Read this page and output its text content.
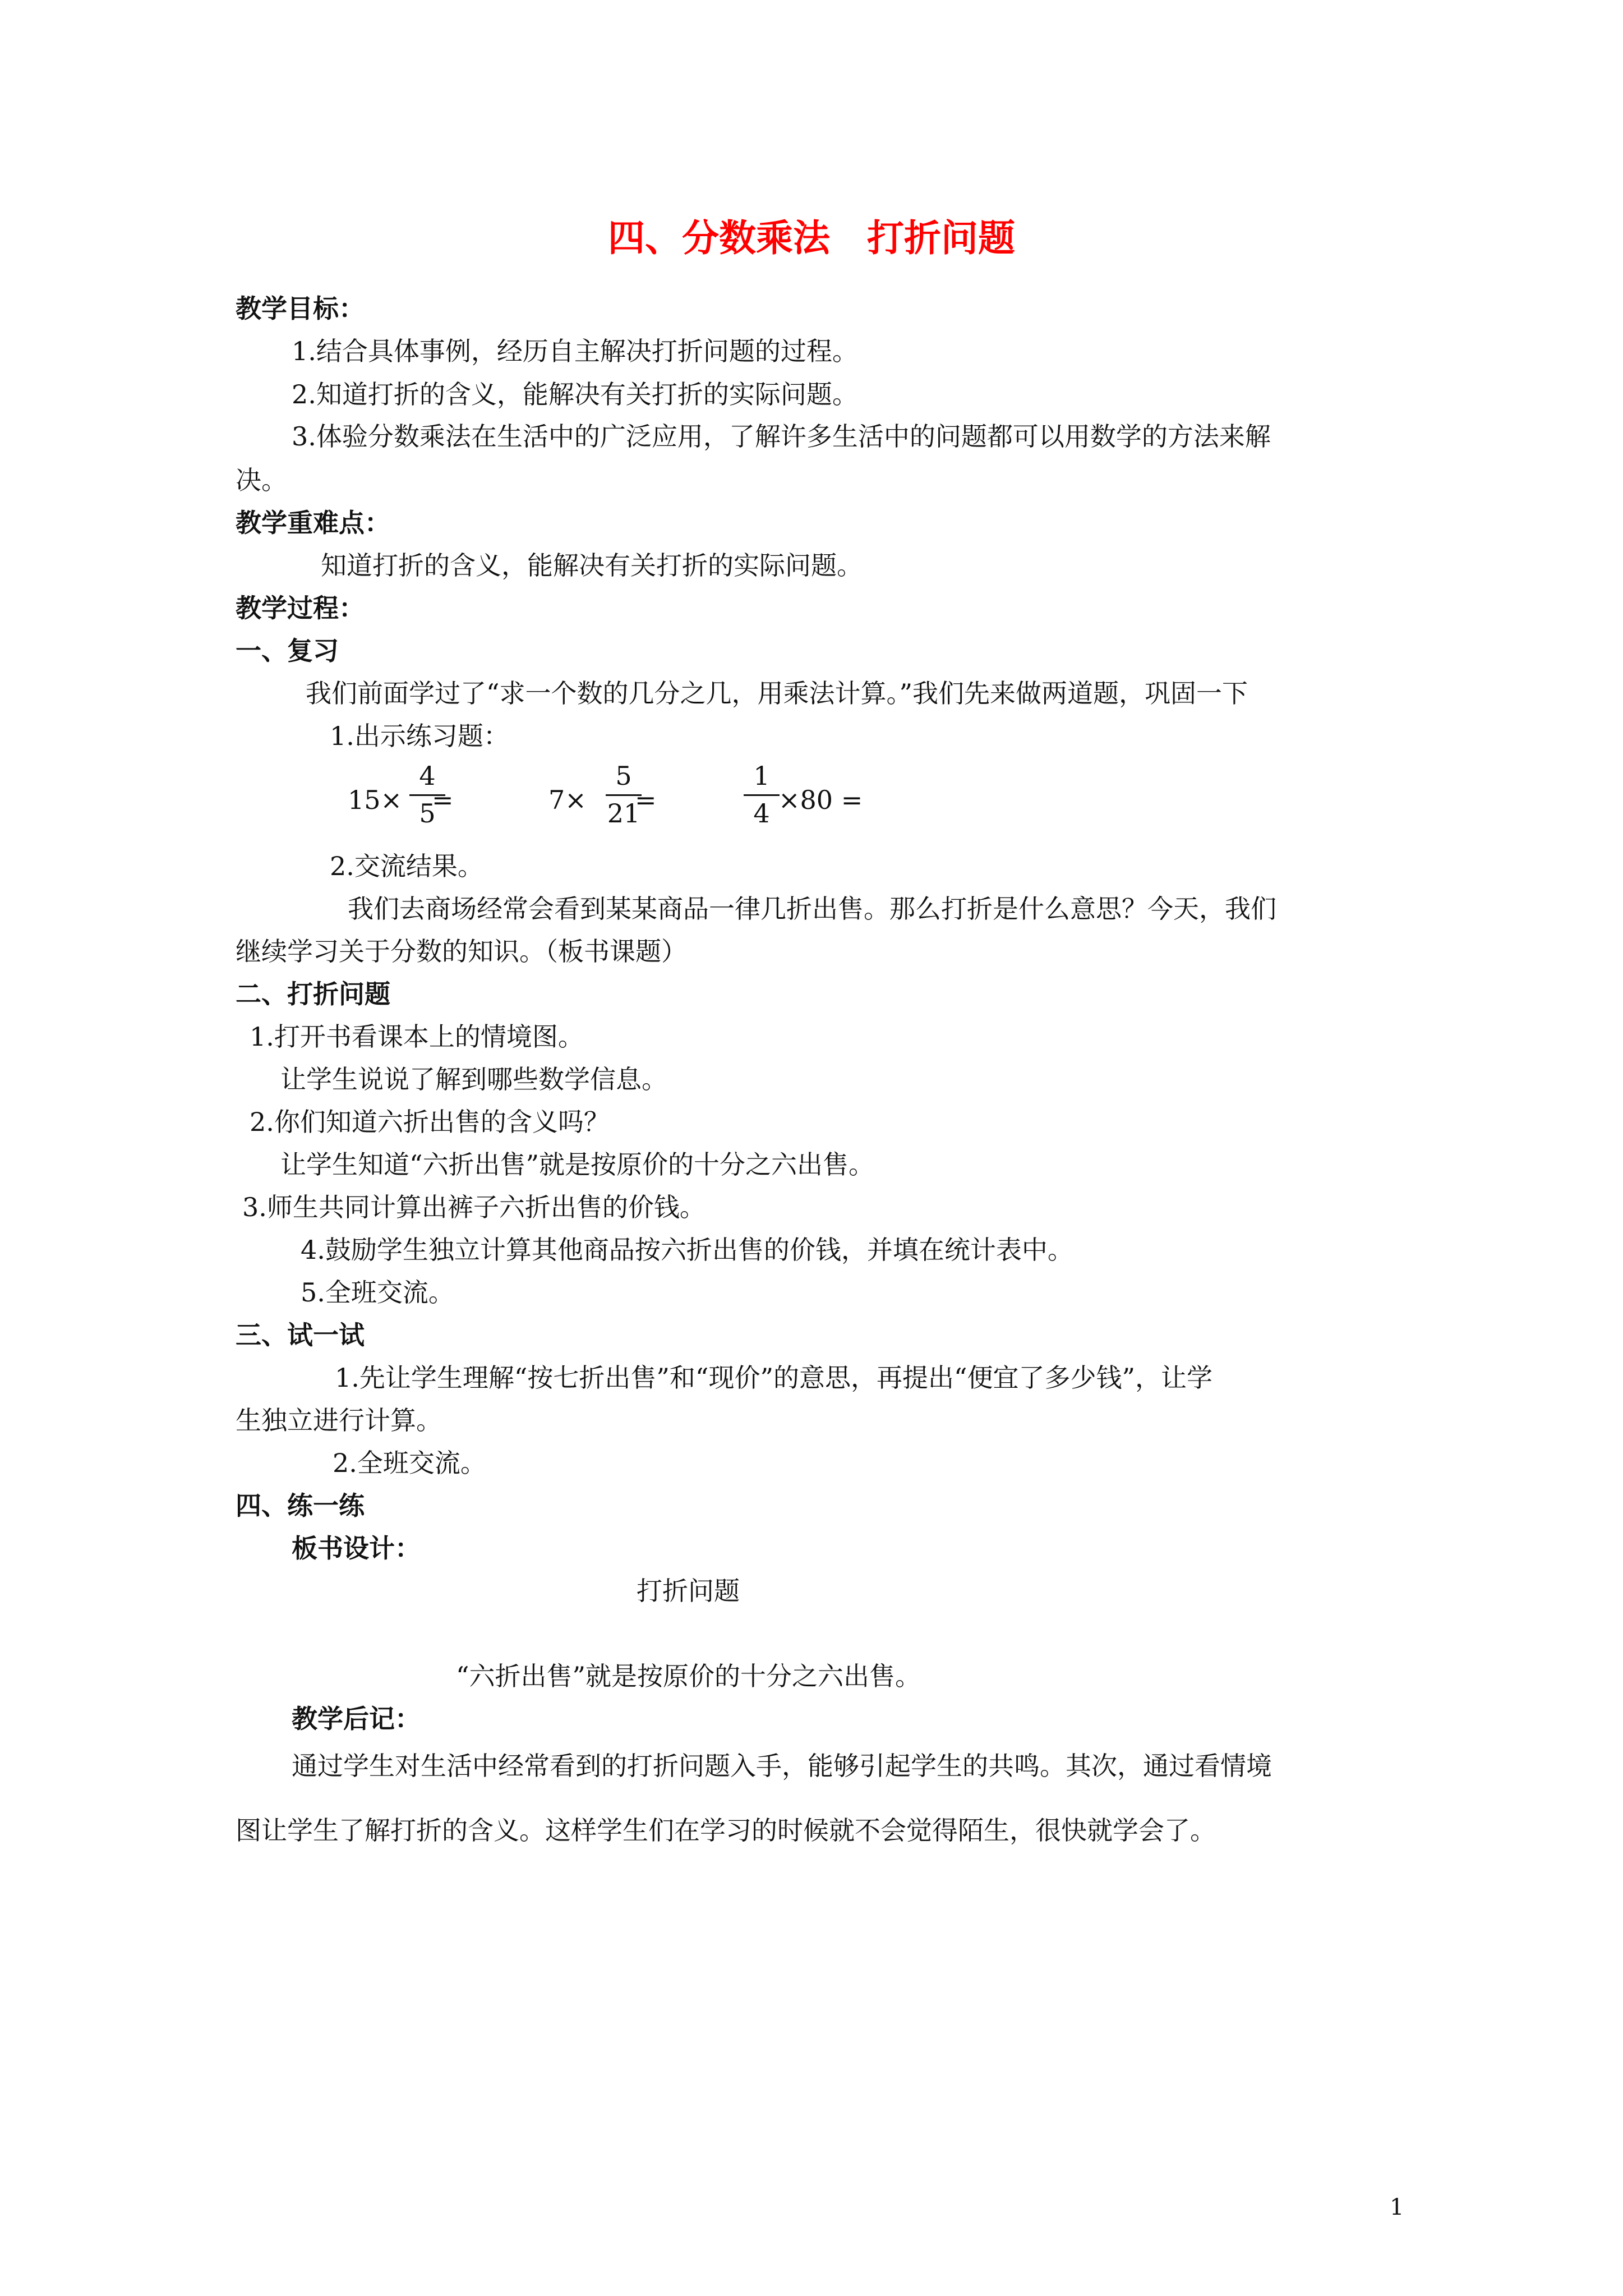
四、分数乘法　打折问题
教学目标：
1.结合具体事例，经历自主解决打折问题的过程。
2.知道打折的含义，能解决有关打折的实际问题。
3.体验分数乘法在生活中的广泛应用，了解许多生活中的问题都可以用数学的方法来解
决。
教学重难点：
知道打折的含义，能解决有关打折的实际问题。
教学过程：
一、复习
我们前面学过了“求一个数的几分之几，用乘法计算。”我们先来做两道题，巩固一下
1.出示练习题：
15×
4
5
=	7×
5
21
=
1
4 ×80 =
2.交流结果。
我们去商场经常会看到某某商品一律几折出售。那么打折是什么意思？今天，我们
继续学习关于分数的知识。（板书课题）
二、打折问题
1.打开书看课本上的情境图。
让学生说说了解到哪些数学信息。
2.你们知道六折出售的含义吗？
让学生知道“六折出售”就是按原价的十分之六出售。
3.师生共同计算出裤子六折出售的价钱。
4.鼓励学生独立计算其他商品按六折出售的价钱，并填在统计表中。
5.全班交流。
三、试一试
1.先让学生理解“按七折出售”和“现价”的意思，再提出“便宜了多少钱”，让学
生独立进行计算。
2.全班交流。
四、练一练
板书设计：
打折问题
“六折出售”就是按原价的十分之六出售。
教学后记：
通过学生对生活中经常看到的打折问题入手，能够引起学生的共鸣。其次，通过看情境
图让学生了解打折的含义。这样学生们在学习的时候就不会觉得陌生，很快就学会了。
1
